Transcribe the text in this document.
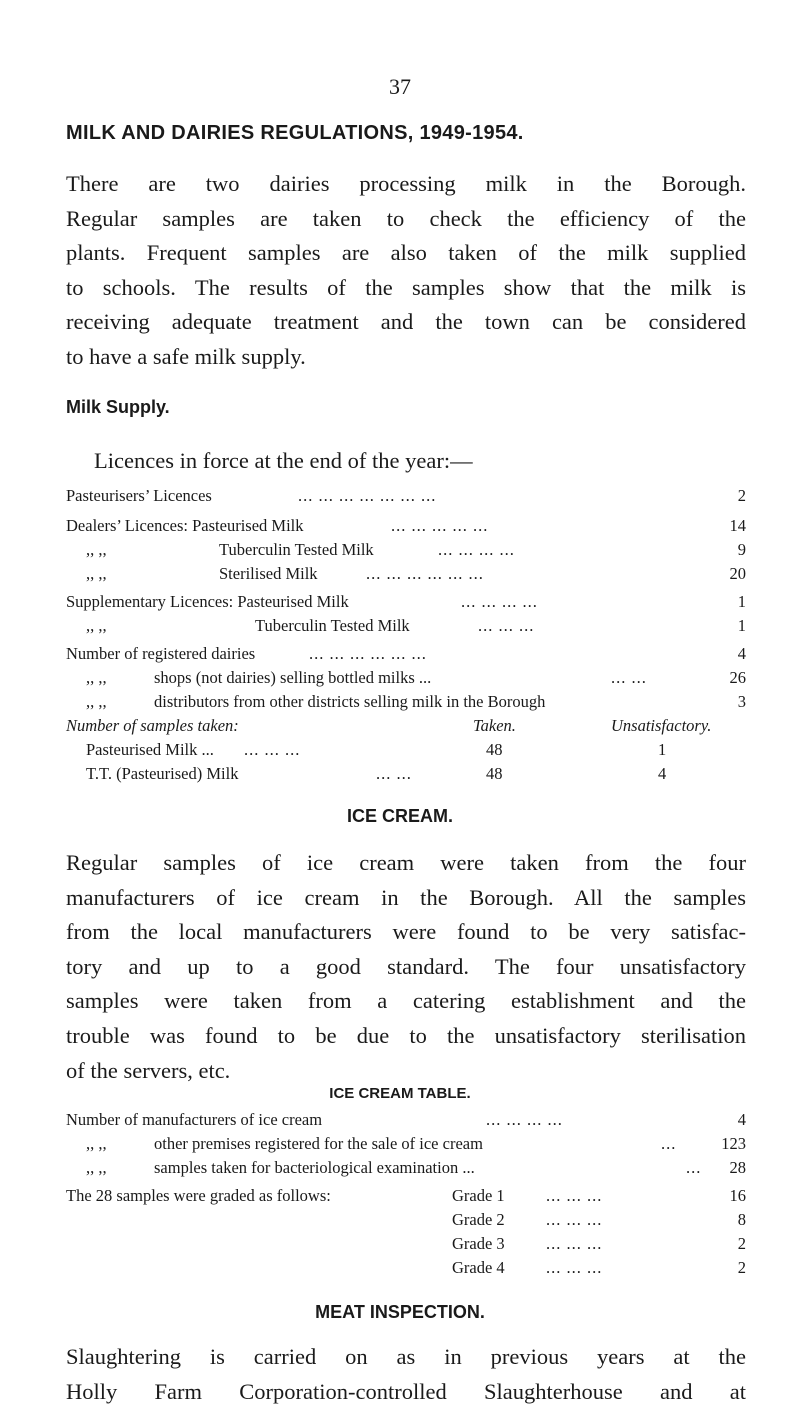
37
MILK AND DAIRIES REGULATIONS, 1949-1954.
There are two dairies processing milk in the Borough.
Regular samples are taken to check the efficiency of the
plants. Frequent samples are also taken of the milk supplied
to schools. The results of the samples show that the milk is
receiving adequate treatment and the town can be considered
to have a safe milk supply.
Milk Supply.
Licences in force at the end of the year:—
Pasteurisers’ Licences	... ... ... ... ... ... ...	2
Dealers’ Licences: Pasteurised Milk	... ... ... ... ...	14
,, ,,	Tuberculin Tested Milk	... ... ... ...	9
,, ,,	Sterilised Milk	... ... ... ... ... ...	20
Supplementary Licences: Pasteurised Milk	... ... ... ...	1
,, ,,	Tuberculin Tested Milk	... ... ...	1
Number of registered dairies	... ... ... ... ... ...	4
,, ,,	shops (not dairies) selling bottled milks ...	... ...	26
,, ,,	distributors from other districts selling milk in the Borough	3
Number of samples taken:	Taken.	Unsatisfactory.
Pasteurised Milk ... ... ... ...	48	1
T.T. (Pasteurised) Milk	... ...	48	4
ICE CREAM.
Regular samples of ice cream were taken from the four
manufacturers of ice cream in the Borough. All the samples
from the local manufacturers were found to be very satisfac-
tory and up to a good standard. The four unsatisfactory
samples were taken from a catering establishment and the
trouble was found to be due to the unsatisfactory sterilisation
of the servers, etc.
ICE CREAM TABLE.
Number of manufacturers of ice cream	... ... ... ...	4
,, ,,	other premises registered for the sale of ice cream	...	123
,, ,,	samples taken for bacteriological examination ...	... 28
The 28 samples were graded as follows:	Grade 1	... ... ...	16
Grade 2	... ... ...	8
Grade 3	... ... ...	2
Grade 4	... ... ...	2
MEAT INSPECTION.
Slaughtering is carried on as in previous years at the
Holly Farm Corporation-controlled Slaughterhouse and at
